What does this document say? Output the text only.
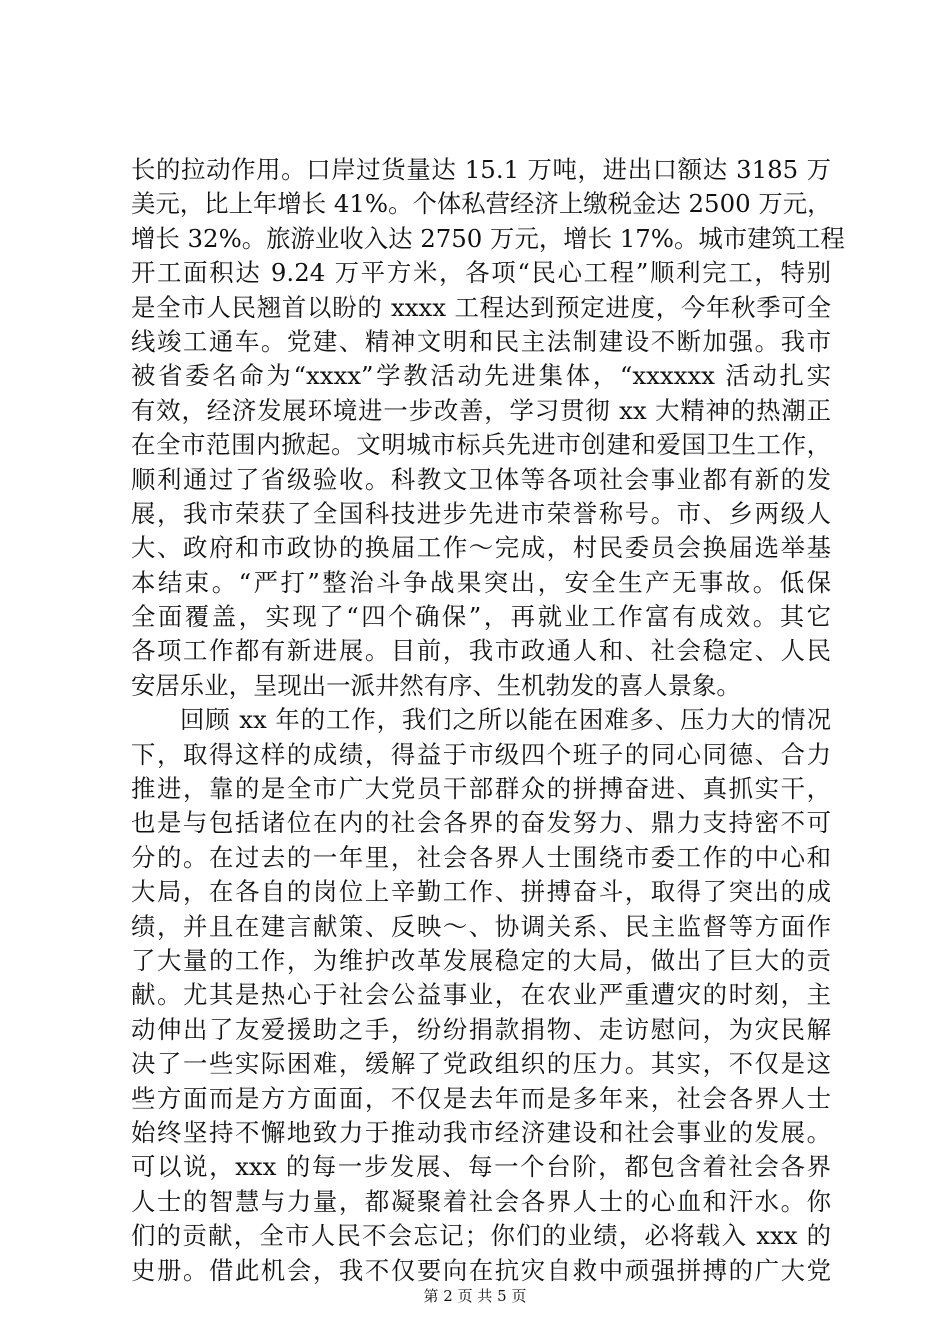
长的拉动作用。口岸过货量达 15.1 万吨，进出口额达 3185 万
美元，比上年增长 41%。个体私营经济上缴税金达 2500 万元，
增长 32%。旅游业收入达 2750 万元，增长 17%。城市建筑工程
开工面积达 9.24 万平方米，各项“民心工程”顺利完工，特别
是全市人民翘首以盼的 xxxx 工程达到预定进度，今年秋季可全
线竣工通车。党建、精神文明和民主法制建设不断加强。我市
被省委名命为“xxxx”学教活动先进集体，“xxxxxx 活动扎实
有效，经济发展环境进一步改善，学习贯彻 xx 大精神的热潮正
在全市范围内掀起。文明城市标兵先进市创建和爱国卫生工作，
顺利通过了省级验收。科教文卫体等各项社会事业都有新的发
展，我市荣获了全国科技进步先进市荣誉称号。市、乡两级人
大、政府和市政协的换届工作～完成，村民委员会换届选举基
本结束。“严打”整治斗争战果突出，安全生产无事故。低保
全面覆盖，实现了“四个确保”，再就业工作富有成效。其它
各项工作都有新进展。目前，我市政通人和、社会稳定、人民
安居乐业，呈现出一派井然有序、生机勃发的喜人景象。
回顾 xx 年的工作，我们之所以能在困难多、压力大的情况
下，取得这样的成绩，得益于市级四个班子的同心同德、合力
推进，靠的是全市广大党员干部群众的拼搏奋进、真抓实干，
也是与包括诸位在内的社会各界的奋发努力、鼎力支持密不可
分的。在过去的一年里，社会各界人士围绕市委工作的中心和
大局，在各自的岗位上辛勤工作、拼搏奋斗，取得了突出的成
绩，并且在建言献策、反映～、协调关系、民主监督等方面作
了大量的工作，为维护改革发展稳定的大局，做出了巨大的贡
献。尤其是热心于社会公益事业，在农业严重遭灾的时刻，主
动伸出了友爱援助之手，纷纷捐款捐物、走访慰问，为灾民解
决了一些实际困难，缓解了党政组织的压力。其实，不仅是这
些方面而是方方面面，不仅是去年而是多年来，社会各界人士
始终坚持不懈地致力于推动我市经济建设和社会事业的发展。
可以说，xxx 的每一步发展、每一个台阶，都包含着社会各界
人士的智慧与力量，都凝聚着社会各界人士的心血和汗水。你
们的贡献，全市人民不会忘记；你们的业绩，必将载入 xxx 的
史册。借此机会，我不仅要向在抗灾自救中顽强拼搏的广大党
第 2 页 共 5 页
